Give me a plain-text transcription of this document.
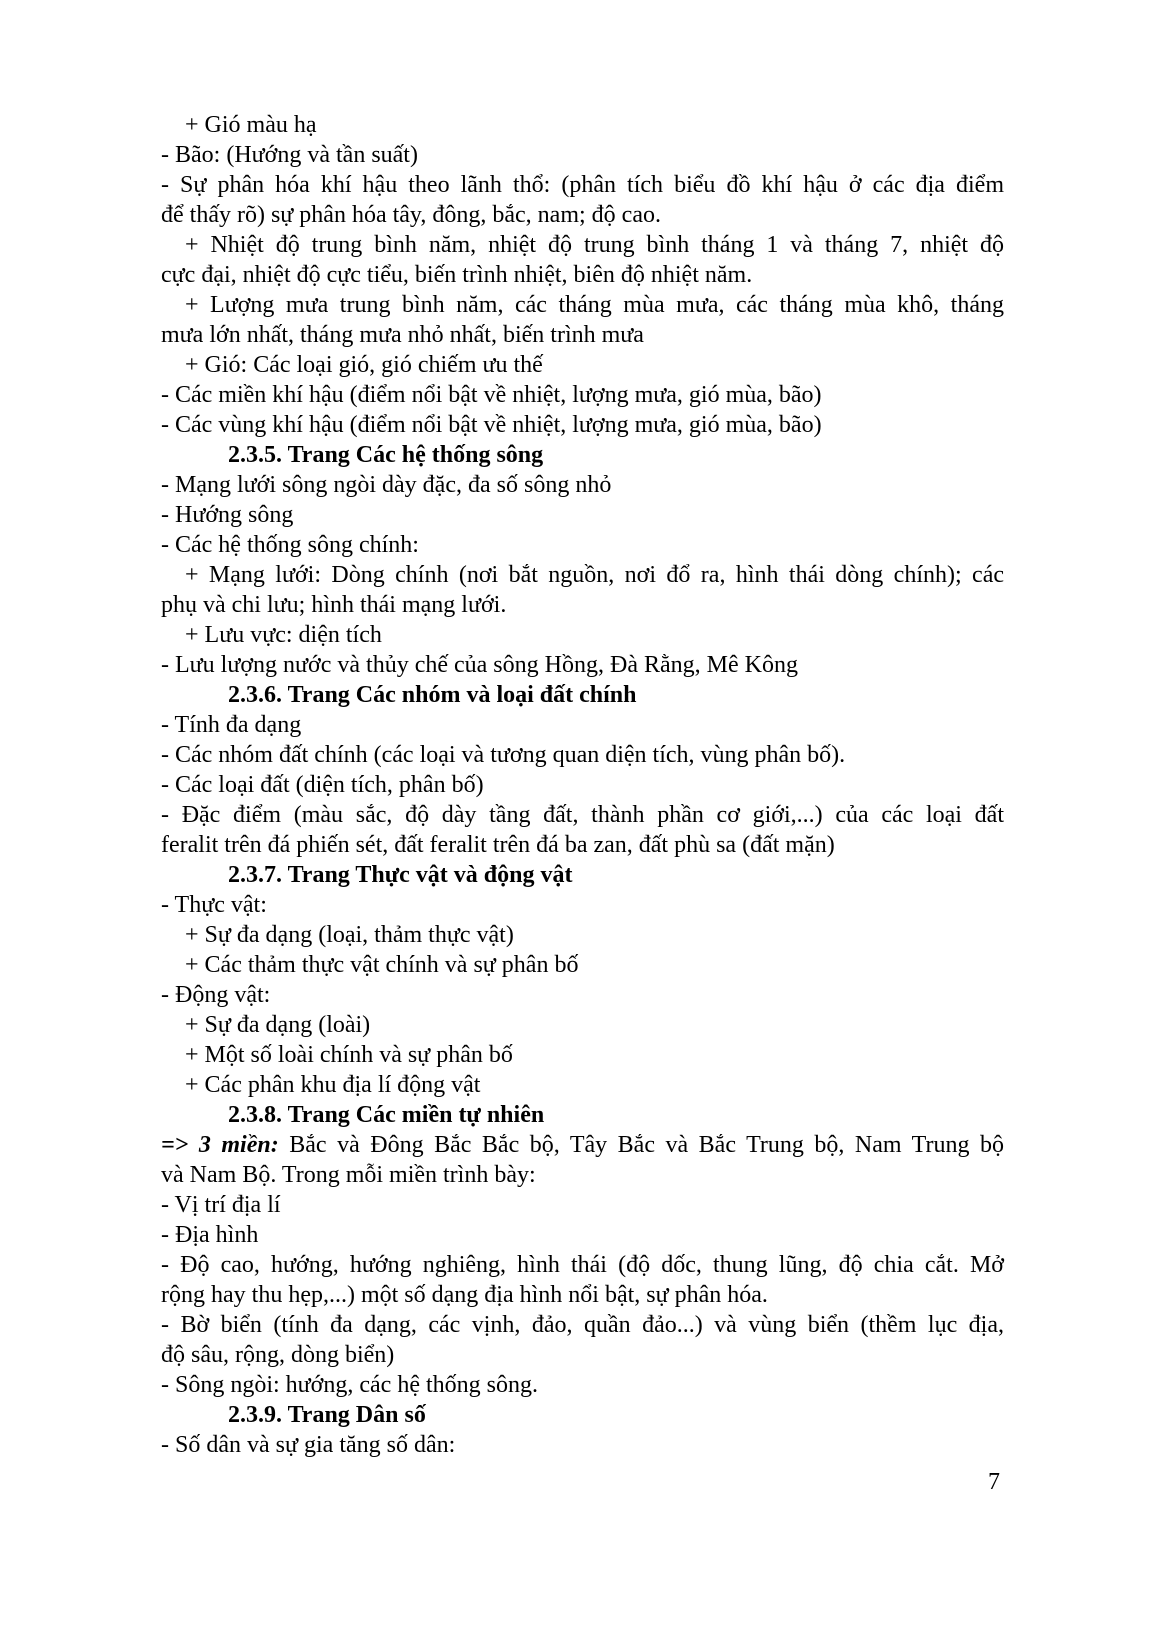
+ Gió màu hạ

- Bão: (Hướng và tần suất)

- Sự phân hóa khí hậu theo lãnh thổ: (phân tích biểu đồ khí hậu ở các địa điểm

để thấy rõ) sự phân hóa tây, đông, bắc, nam; độ cao.

+ Nhiệt độ trung bình năm, nhiệt độ trung bình tháng 1 và tháng 7, nhiệt độ

cực đại, nhiệt độ cực tiểu, biến trình nhiệt, biên độ nhiệt năm.

+ Lượng mưa trung bình năm, các tháng mùa mưa, các tháng mùa khô, tháng

mưa lớn nhất, tháng mưa nhỏ nhất, biến trình mưa

+ Gió: Các loại gió, gió chiếm ưu thế

- Các miền khí hậu (điểm nổi bật về nhiệt, lượng mưa, gió mùa, bão)

- Các vùng khí hậu (điểm nổi bật về nhiệt, lượng mưa, gió mùa, bão)

2.3.5. Trang Các hệ thống sông

- Mạng lưới sông ngòi dày đặc, đa số sông nhỏ

- Hướng sông

- Các hệ thống sông chính:

+ Mạng lưới: Dòng chính (nơi bắt nguồn, nơi đổ ra, hình thái dòng chính); các

phụ và chi lưu; hình thái mạng lưới.

+ Lưu vực: diện tích

- Lưu lượng nước và thủy chế của sông Hồng, Đà Rằng, Mê Kông

2.3.6. Trang Các nhóm và loại đất chính

- Tính đa dạng

- Các nhóm đất chính (các loại và tương quan diện tích, vùng phân bố).

- Các loại đất (diện tích, phân bố)

- Đặc điểm (màu sắc, độ dày tầng đất, thành phần cơ giới,...) của các loại đất

feralit trên đá phiến sét, đất feralit trên đá ba zan, đất phù sa (đất mặn)

2.3.7. Trang Thực vật và động vật

- Thực vật:

+ Sự đa dạng (loại, thảm thực vật)

+ Các thảm thực vật chính và sự phân bố

- Động vật:

+ Sự đa dạng (loài)

+ Một số loài chính và sự phân bố

+ Các phân khu địa lí động vật

2.3.8. Trang Các miền tự nhiên

=> 3 miền: Bắc và Đông Bắc Bắc bộ, Tây Bắc và Bắc Trung bộ, Nam Trung bộ

và Nam Bộ. Trong mỗi miền trình bày:

- Vị trí địa lí

- Địa hình

- Độ cao, hướng, hướng nghiêng, hình thái (độ dốc, thung lũng, độ chia cắt. Mở

rộng hay thu hẹp,...) một số dạng địa hình nổi bật, sự phân hóa.

- Bờ biển (tính đa dạng, các vịnh, đảo, quần đảo...) và vùng biển (thềm lục địa,

độ sâu, rộng, dòng biển)

- Sông ngòi: hướng, các hệ thống sông.

2.3.9. Trang Dân số

- Số dân và sự gia tăng số dân:

7
